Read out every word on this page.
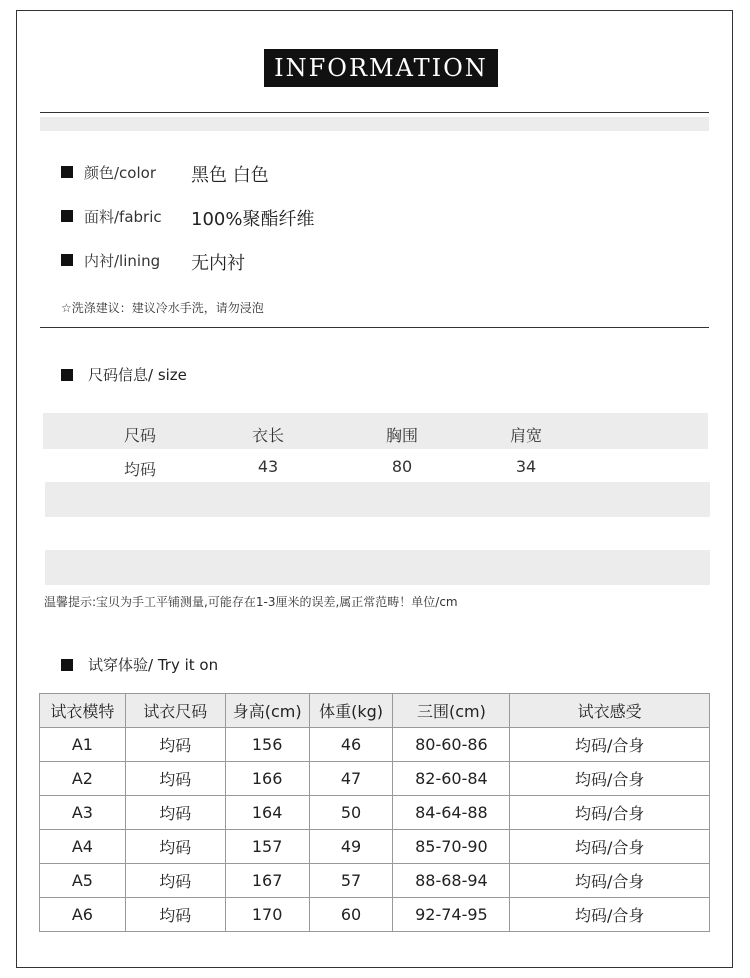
INFORMATION
颜色/color 黑色 白色
面料/fabric 100%聚酯纤维
内衬/lining 无内衬
☆洗涤建议：建议冷水手洗，请勿浸泡
尺码信息/ size
尺码	衣长	胸围	肩宽
均码	43	80	34
温馨提示:宝贝为手工平铺测量,可能存在1-3厘米的误差,属正常范畴！单位/cm
试穿体验/ Try it on
试衣模特	试衣尺码	身高(cm)	体重(kg)	三围(cm)	试衣感受
A1	均码	156	46	80-60-86	均码/合身
A2	均码	166	47	82-60-84	均码/合身
A3	均码	164	50	84-64-88	均码/合身
A4	均码	157	49	85-70-90	均码/合身
A5	均码	167	57	88-68-94	均码/合身
A6	均码	170	60	92-74-95	均码/合身
